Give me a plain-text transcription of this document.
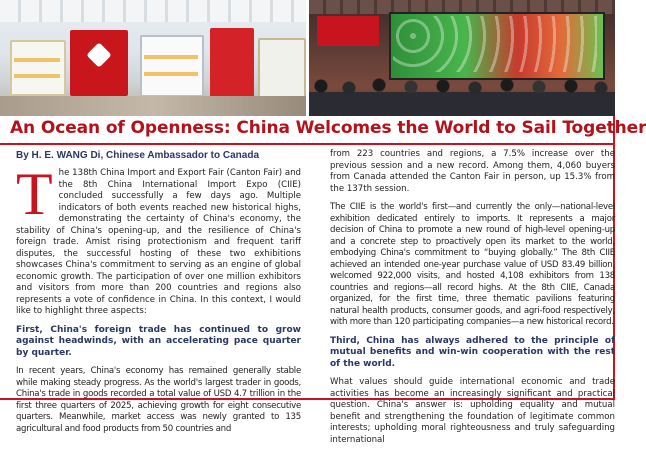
An Ocean of Openness: China Welcomes the World to Sail Together
By H. E. WANG Di, Chinese Ambassador to Canada

The 138th China Import and Export Fair (Canton Fair) and the 8th China International Import Expo (CIIE) concluded successfully a few days ago. Multiple indicators of both events reached new historical highs, demonstrating the certainty of China's economy, the stability of China's opening-up, and the resilience of China's foreign trade. Amist rising protectionism and frequent tariff disputes, the successful hosting of these two exhibitions showcases China's commitment to serving as an engine of global economic growth. The participation of over one million exhibitors and visitors from more than 200 countries and regions also represents a vote of confidence in China. In this context, I would like to highlight three aspects:

First, China's foreign trade has continued to grow against headwinds, with an accelerating pace quarter by quarter.

In recent years, China's economy has remained generally stable while making steady progress. As the world's largest trader in goods, China's trade in goods recorded a total value of USD 4.7 trillion in the first three quarters of 2025, achieving growth for eight consecutive quarters. Meanwhile, market access was newly granted to 135 agricultural and food products from 50 countries and

from 223 countries and regions, a 7.5% increase over the previous session and a new record. Among them, 4,060 buyers from Canada attended the Canton Fair in person, up 15.3% from the 137th session.

The CIIE is the world's first—and currently the only—national-level exhibition dedicated entirely to imports. It represents a major decision of China to promote a new round of high-level opening-up and a concrete step to proactively open its market to the world, embodying China's commitment to “buying globally.” The 8th CIIE achieved an intended one-year purchase value of USD 83.49 billion, welcomed 922,000 visits, and hosted 4,108 exhibitors from 138 countries and regions—all record highs. At the 8th CIIE, Canada organized, for the first time, three thematic pavilions featuring natural health products, consumer goods, and agri-food respectively, with more than 120 participating companies—a new historical record.

Third, China has always adhered to the principle of mutual benefits and win-win cooperation with the rest of the world.

What values should guide international economic and trade activities has become an increasingly significant and practical question. China's answer is: upholding equality and mutual benefit and strengthening the foundation of legitimate common interests; upholding moral righteousness and truly safeguarding international
